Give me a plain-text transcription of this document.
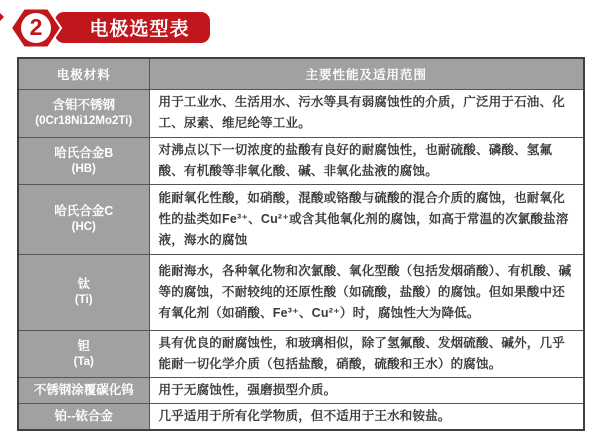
电极选型表
2
电极材料	主要性能及适用范围

含钼不锈钢
(0Cr18Ni12Mo2Ti)	用于工业水、生活用水、污水等具有弱腐蚀性的介质，广泛用于石油、化工、尿素、维尼纶等工业。

哈氏合金B
(HB)	对沸点以下一切浓度的盐酸有良好的耐腐蚀性，也耐硫酸、磷酸、氢氟酸、有机酸等非氧化酸、碱、非氧化盐液的腐蚀。

哈氏合金C
(HC)	能耐氧化性酸，如硝酸，混酸或铬酸与硫酸的混合介质的腐蚀，也耐氧化性的盐类如Fe³⁺、Cu²⁺或含其他氧化剂的腐蚀，如高于常温的次氯酸盐溶液，海水的腐蚀

钛
(Ti)	能耐海水，各种氧化物和次氯酸、氧化型酸（包括发烟硝酸）、有机酸、碱等的腐蚀，不耐较纯的还原性酸（如硫酸，盐酸）的腐蚀。但如果酸中还有氧化剂（如硝酸、Fe³⁺、Cu²⁺）时，腐蚀性大为降低。

钽
(Ta)	具有优良的耐腐蚀性，和玻璃相似，除了氢氟酸、发烟硫酸、碱外，几乎能耐一切化学介质（包括盐酸，硝酸，硫酸和王水）的腐蚀。

不锈钢涂覆碳化钨	用于无腐蚀性，强磨损型介质。

铂--铱合金	几乎适用于所有化学物质，但不适用于王水和铵盐。
